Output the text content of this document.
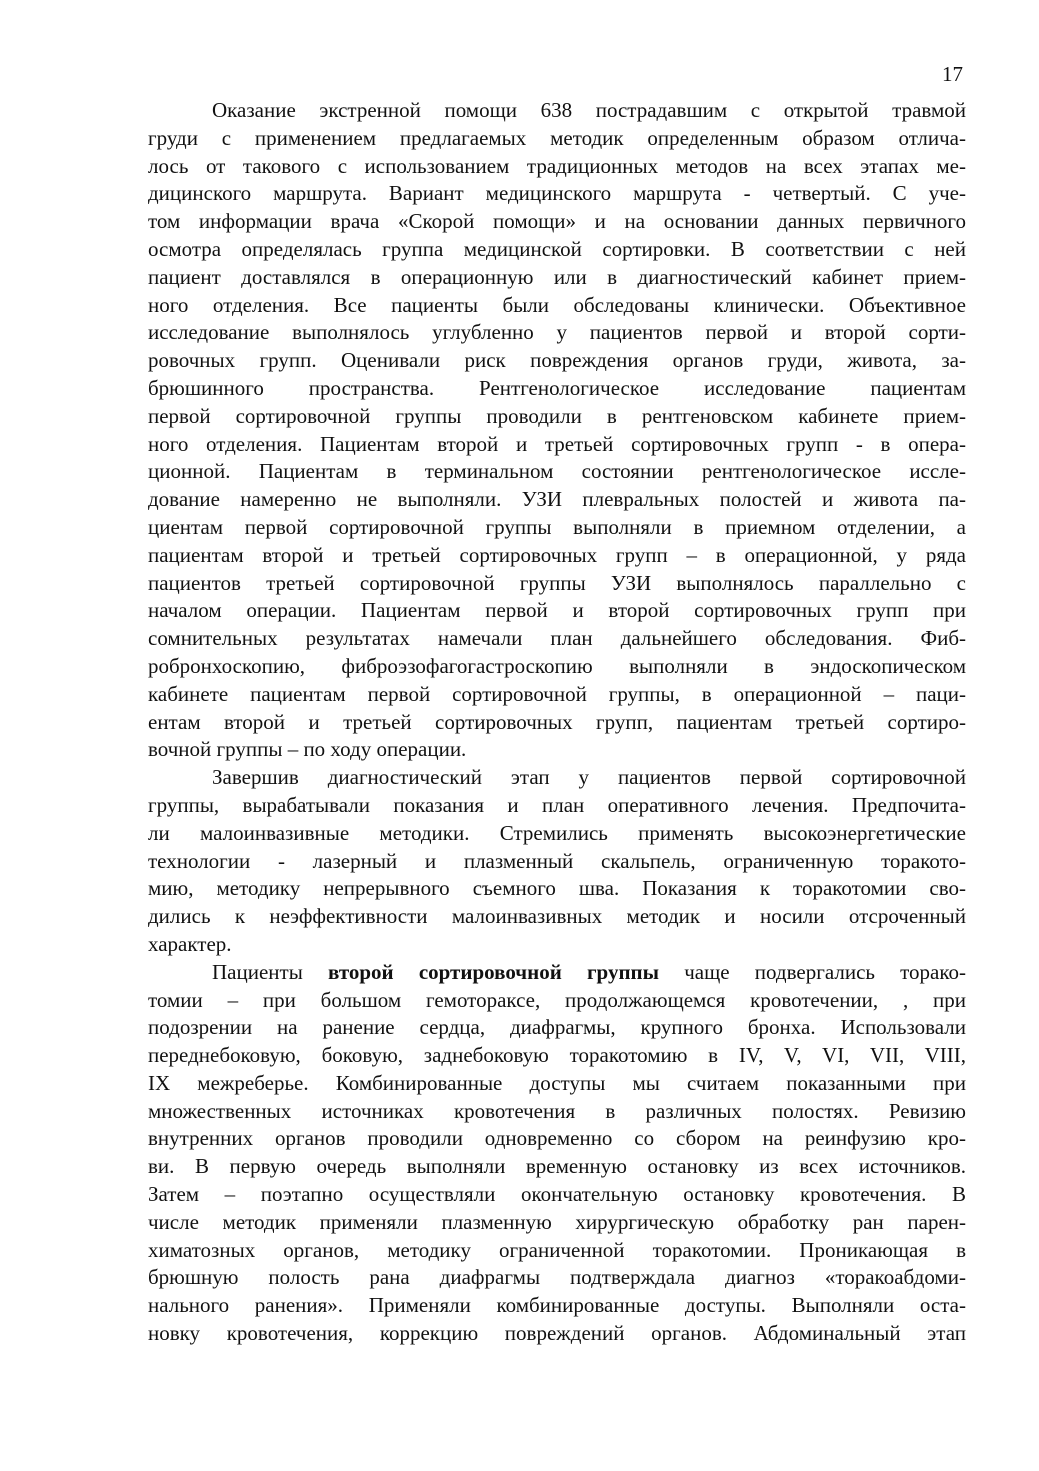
17
Оказание экстренной помощи 638 пострадавшим с открытой травмой
груди с применением предлагаемых методик определенным образом отлича-
лось от такового с использованием традиционных методов на всех этапах ме-
дицинского маршрута. Вариант медицинского маршрута - четвертый. С уче-
том информации врача «Скорой помощи» и на основании данных первичного
осмотра определялась группа медицинской сортировки. В соответствии с ней
пациент доставлялся в операционную или в диагностический кабинет прием-
ного отделения. Все пациенты были обследованы клинически. Объективное
исследование выполнялось углубленно у пациентов первой и второй сорти-
ровочных групп. Оценивали риск повреждения органов груди, живота, за-
брюшинного пространства. Рентгенологическое исследование пациентам
первой сортировочной группы проводили в рентгеновском кабинете прием-
ного отделения. Пациентам второй и третьей сортировочных групп - в опера-
ционной. Пациентам в терминальном состоянии рентгенологическое иссле-
дование намеренно не выполняли. УЗИ плевральных полостей и живота па-
циентам первой сортировочной группы выполняли в приемном отделении, а
пациентам второй и третьей сортировочных групп – в операционной, у ряда
пациентов третьей сортировочной группы УЗИ выполнялось параллельно с
началом операции. Пациентам первой и второй сортировочных групп при
сомнительных результатах намечали план дальнейшего обследования. Фиб-
робронхоскопию, фиброэзофагогастроскопию выполняли в эндоскопическом
кабинете пациентам первой сортировочной группы, в операционной – паци-
ентам второй и третьей сортировочных групп, пациентам третьей сортиро-
вочной группы – по ходу операции.
Завершив диагностический этап у пациентов первой сортировочной
группы, вырабатывали показания и план оперативного лечения. Предпочита-
ли малоинвазивные методики. Стремились применять высокоэнергетические
технологии - лазерный и плазменный скальпель, ограниченную торакото-
мию, методику непрерывного съемного шва. Показания к торакотомии сво-
дились к неэффективности малоинвазивных методик и носили отсроченный
характер.
Пациенты второй сортировочной группы чаще подвергались торако-
томии – при большом гемотораксе, продолжающемся кровотечении, , при
подозрении на ранение сердца, диафрагмы, крупного бронха. Использовали
переднебоковую, боковую, заднебоковую торакотомию в IV, V, VI, VII, VIII,
IX межреберье. Комбинированные доступы мы считаем показанными при
множественных источниках кровотечения в различных полостях. Ревизию
внутренних органов проводили одновременно со сбором на реинфузию кро-
ви. В первую очередь выполняли временную остановку из всех источников.
Затем – поэтапно осуществляли окончательную остановку кровотечения. В
числе методик применяли плазменную хирургическую обработку ран парен-
химатозных органов, методику ограниченной торакотомии. Проникающая в
брюшную полость рана диафрагмы подтверждала диагноз «торакоабдоми-
нального ранения». Применяли комбинированные доступы. Выполняли оста-
новку кровотечения, коррекцию повреждений органов. Абдоминальный этап
